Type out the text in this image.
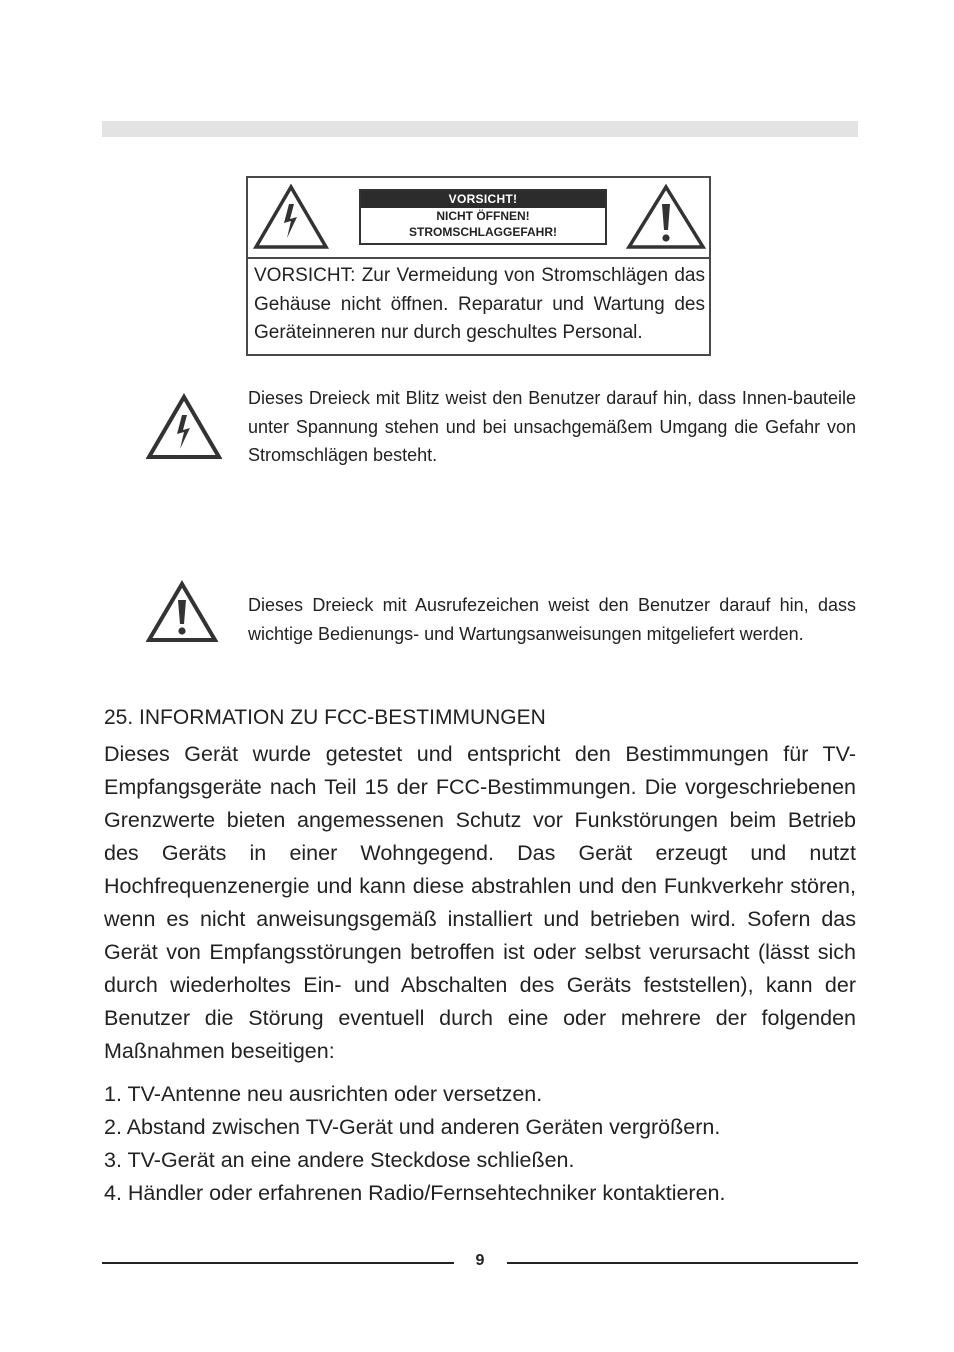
VORSICHT!
NICHT ÖFFNEN!
STROMSCHLAGGEFAHR!
VORSICHT: Zur Vermeidung von Stromschlägen das Gehäuse nicht öffnen. Reparatur und Wartung des Geräteinneren nur durch geschultes Personal.
Dieses Dreieck mit Blitz weist den Benutzer darauf hin, dass Innen-bauteile unter Spannung stehen und bei unsachgemäßem Umgang die Gefahr von Stromschlägen besteht.
Dieses Dreieck mit Ausrufezeichen weist den Benutzer darauf hin, dass wichtige Bedienungs- und Wartungsanweisungen mitgeliefert werden.
25. INFORMATION ZU FCC-BESTIMMUNGEN
Dieses Gerät wurde getestet und entspricht den Bestimmungen für TV-Empfangsgeräte nach Teil 15 der FCC-Bestimmungen. Die vorgeschriebenen Grenzwerte bieten angemessenen Schutz vor Funkstörungen beim Betrieb des Geräts in einer Wohngegend. Das Gerät erzeugt und nutzt Hochfrequenzenergie und kann diese abstrahlen und den Funkverkehr stören, wenn es nicht anweisungsgemäß installiert und betrieben wird. Sofern das Gerät von Empfangsstörungen betroffen ist oder selbst verursacht (lässt sich durch wiederholtes Ein- und Abschalten des Geräts feststellen), kann der Benutzer die Störung eventuell durch eine oder mehrere der folgenden Maßnahmen beseitigen:
1. TV-Antenne neu ausrichten oder versetzen.
2. Abstand zwischen TV-Gerät und anderen Geräten vergrößern.
3. TV-Gerät an eine andere Steckdose schließen.
4. Händler oder erfahrenen Radio/Fernsehtechniker kontaktieren.
9
